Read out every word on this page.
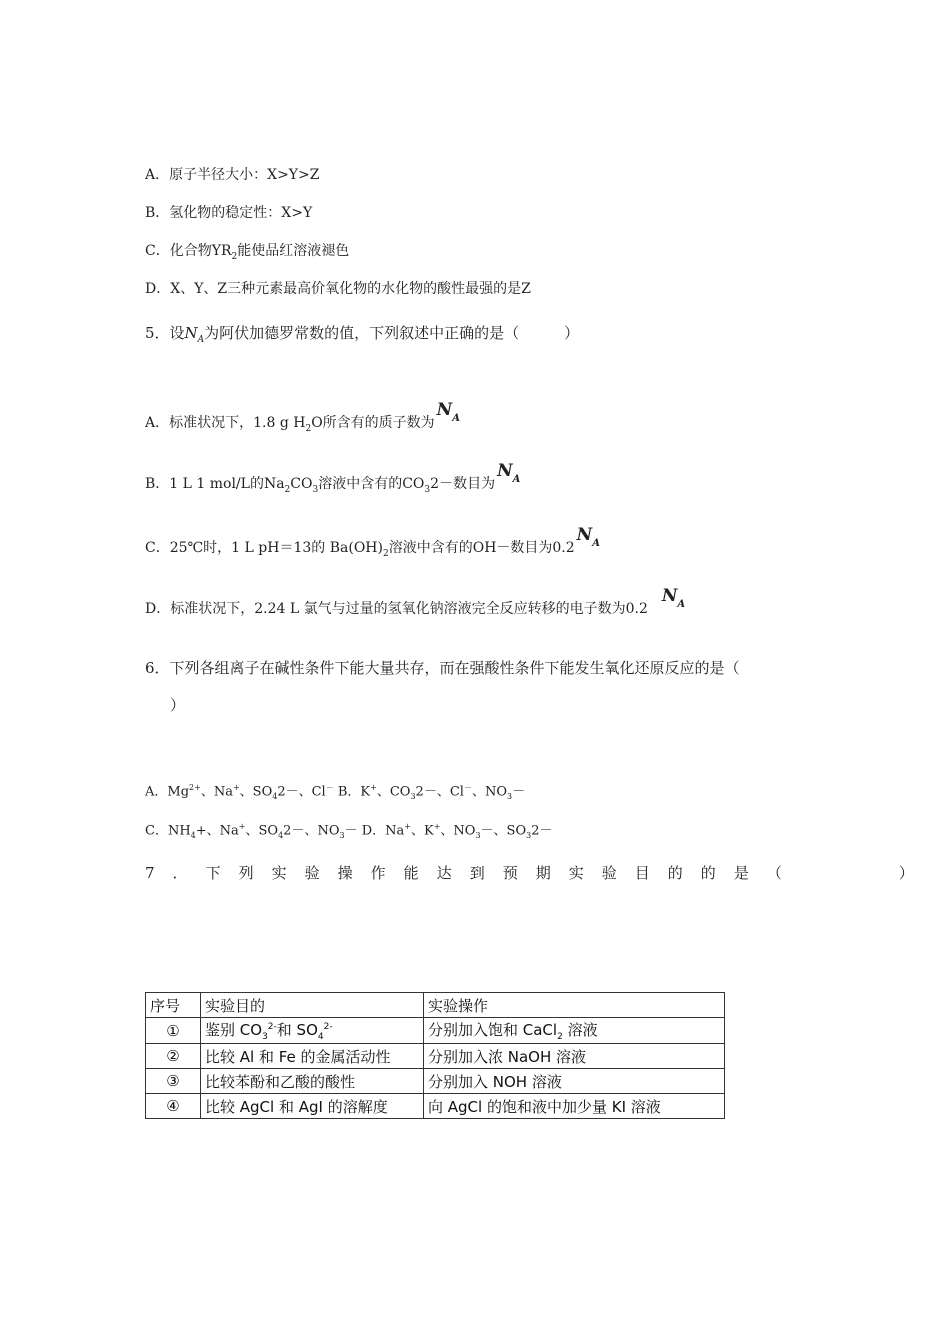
A．原子半径大小：X>Y>Z
B．氢化物的稳定性：X>Y
C．化合物$YR_2$能使品红溶液褪色
D．X、Y、Z三种元素最高价氧化物的水化物的酸性最强的是Z
5．设$N_A$为阿伏加德罗常数的值，下列叙述中正确的是（　　　）
A．标准状况下，1.8 g $H_2O$所含有的质子数为$N_A$
B．1 L 1 mol/L的$Na_2CO_3$溶液中含有的$CO_32-$数目为$N_A$
C．25℃时，1 L pH＝13的 $Ba(OH)_2$溶液中含有的OH－数目为$0.2N_A$
D．标准状况下，2.24 L 氯气与过量的氢氧化钠溶液完全反应转移的电子数为$0.2N_A$
6．下列各组离子在碱性条件下能大量共存，而在强酸性条件下能发生氧化还原反应的是（
）
A．$Mg^{2+}$、Na+、$SO_42-$、Cl－ B．K+、$CO_32-$、Cl－、$NO_3-$
C．$NH_4+$、Na+、$SO_42-$、$NO_3- D$．Na+、K+、$NO_3-$、$SO_32-$
7 ． 下 列 实 验 操 作 能 达 到 预 期 实 验 目 的 的 是 （　　　	）
序号	实验目的	实验操作
①	鉴别 $CO_3^{2-}$和 $SO_4^{2-}$	分别加入饱和 CaCl$_2$ 溶液
②	比较 Al 和 Fe 的金属活动性	分别加入浓 NaOH 溶液
③	比较苯酚和乙酸的酸性	分别加入 NOH 溶液
④	比较 AgCl 和 AgI 的溶解度	向 AgCl 的饱和液中加少量 KI 溶液
